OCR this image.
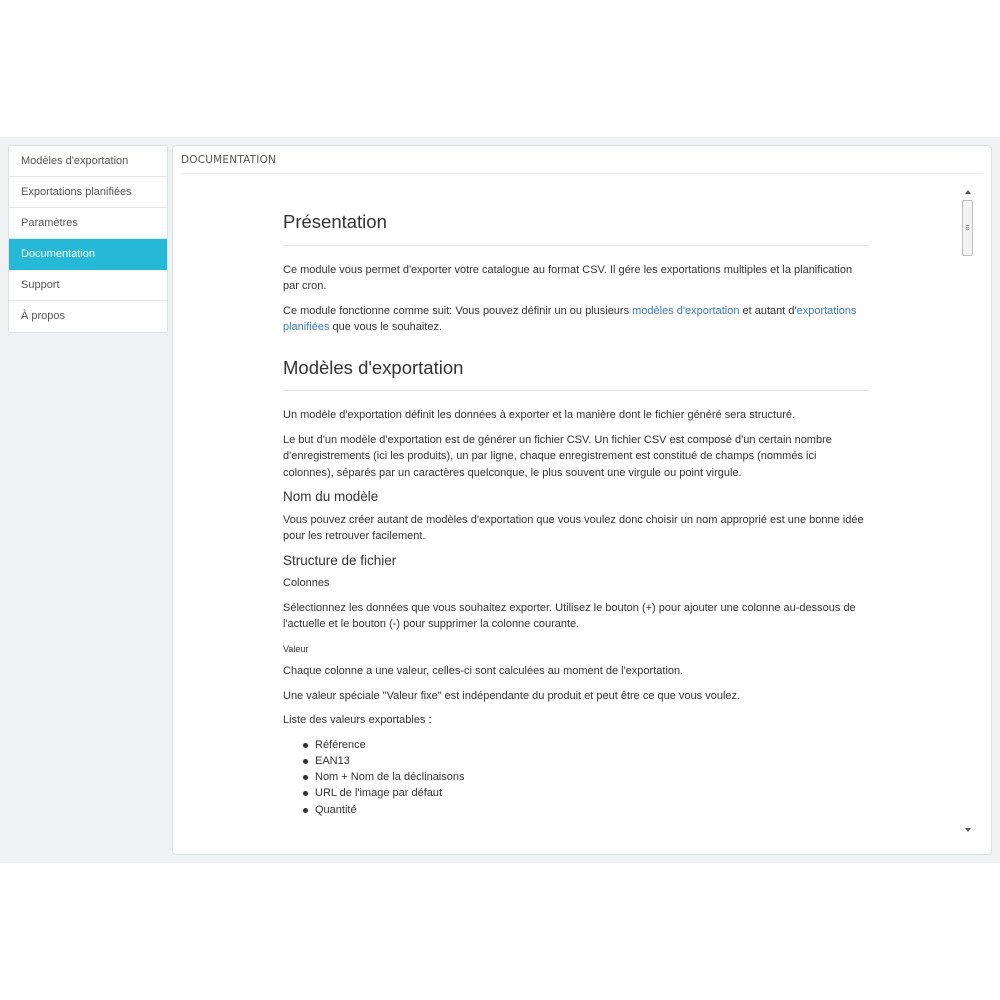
Modèles d'exportation
Exportations planifiées
Paramètres
Documentation
Support
À propos
DOCUMENTATION
Présentation

Ce module vous permet d'exporter votre catalogue au format CSV. Il gére les exportations multiples et la planification par cron.

Ce module fonctionne comme suit: Vous pouvez définir un ou plusieurs modèles d'exportation et autant d'exportations planifiées que vous le souhaitez.

Modèles d'exportation

Un modèle d'exportation définit les données à exporter et la manière dont le fichier généré sera structuré.

Le but d'un modèle d'exportation est de générer un fichier CSV. Un fichier CSV est composé d'un certain nombre d'enregistrements (ici les produits), un par ligne, chaque enregistrement est constitué de champs (nommés ici colonnes), séparés par un caractères quelconque, le plus souvent une virgule ou point virgule.

Nom du modèle

Vous pouvez créer autant de modèles d'exportation que vous voulez donc choisir un nom approprié est une bonne idée pour les retrouver facilement.

Structure de fichier

Colonnes

Sélectionnez les données que vous souhaitez exporter. Utilisez le bouton (+) pour ajouter une colonne au-dessous de l'actuelle et le bouton (-) pour supprimer la colonne courante.

Valeur

Chaque colonne a une valeur, celles-ci sont calculées au moment de l'exportation.

Une valeur spéciale "Valeur fixe" est indépendante du produit et peut être ce que vous voulez.

Liste des valeurs exportables :

Référence
EAN13
Nom + Nom de la déclinaisons
URL de l'image par défaut
Quantité
